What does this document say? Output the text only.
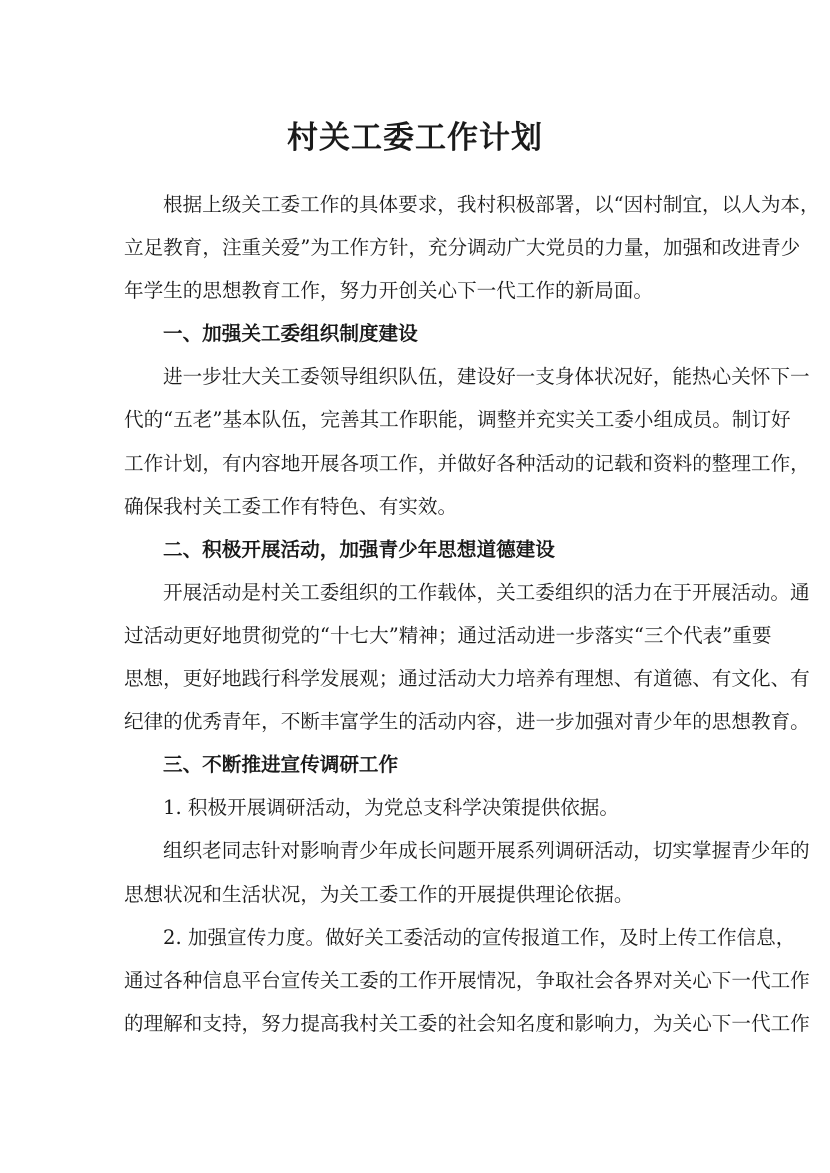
村关工委工作计划
根据上级关工委工作的具体要求，我村积极部署，以“因村制宜，以人为本，
立足教育，注重关爱”为工作方针，充分调动广大党员的力量，加强和改进青少
年学生的思想教育工作，努力开创关心下一代工作的新局面。
一、加强关工委组织制度建设
进一步壮大关工委领导组织队伍，建设好一支身体状况好，能热心关怀下一
代的“五老”基本队伍，完善其工作职能，调整并充实关工委小组成员。制订好
工作计划，有内容地开展各项工作，并做好各种活动的记载和资料的整理工作，
确保我村关工委工作有特色、有实效。
二、积极开展活动，加强青少年思想道德建设
开展活动是村关工委组织的工作载体，关工委组织的活力在于开展活动。通
过活动更好地贯彻党的“十七大”精神；通过活动进一步落实“三个代表”重要
思想，更好地践行科学发展观；通过活动大力培养有理想、有道德、有文化、有
纪律的优秀青年，不断丰富学生的活动内容，进一步加强对青少年的思想教育。
三、不断推进宣传调研工作
1. 积极开展调研活动，为党总支科学决策提供依据。
组织老同志针对影响青少年成长问题开展系列调研活动，切实掌握青少年的
思想状况和生活状况，为关工委工作的开展提供理论依据。
2. 加强宣传力度。做好关工委活动的宣传报道工作，及时上传工作信息，
通过各种信息平台宣传关工委的工作开展情况，争取社会各界对关心下一代工作
的理解和支持，努力提高我村关工委的社会知名度和影响力，为关心下一代工作
